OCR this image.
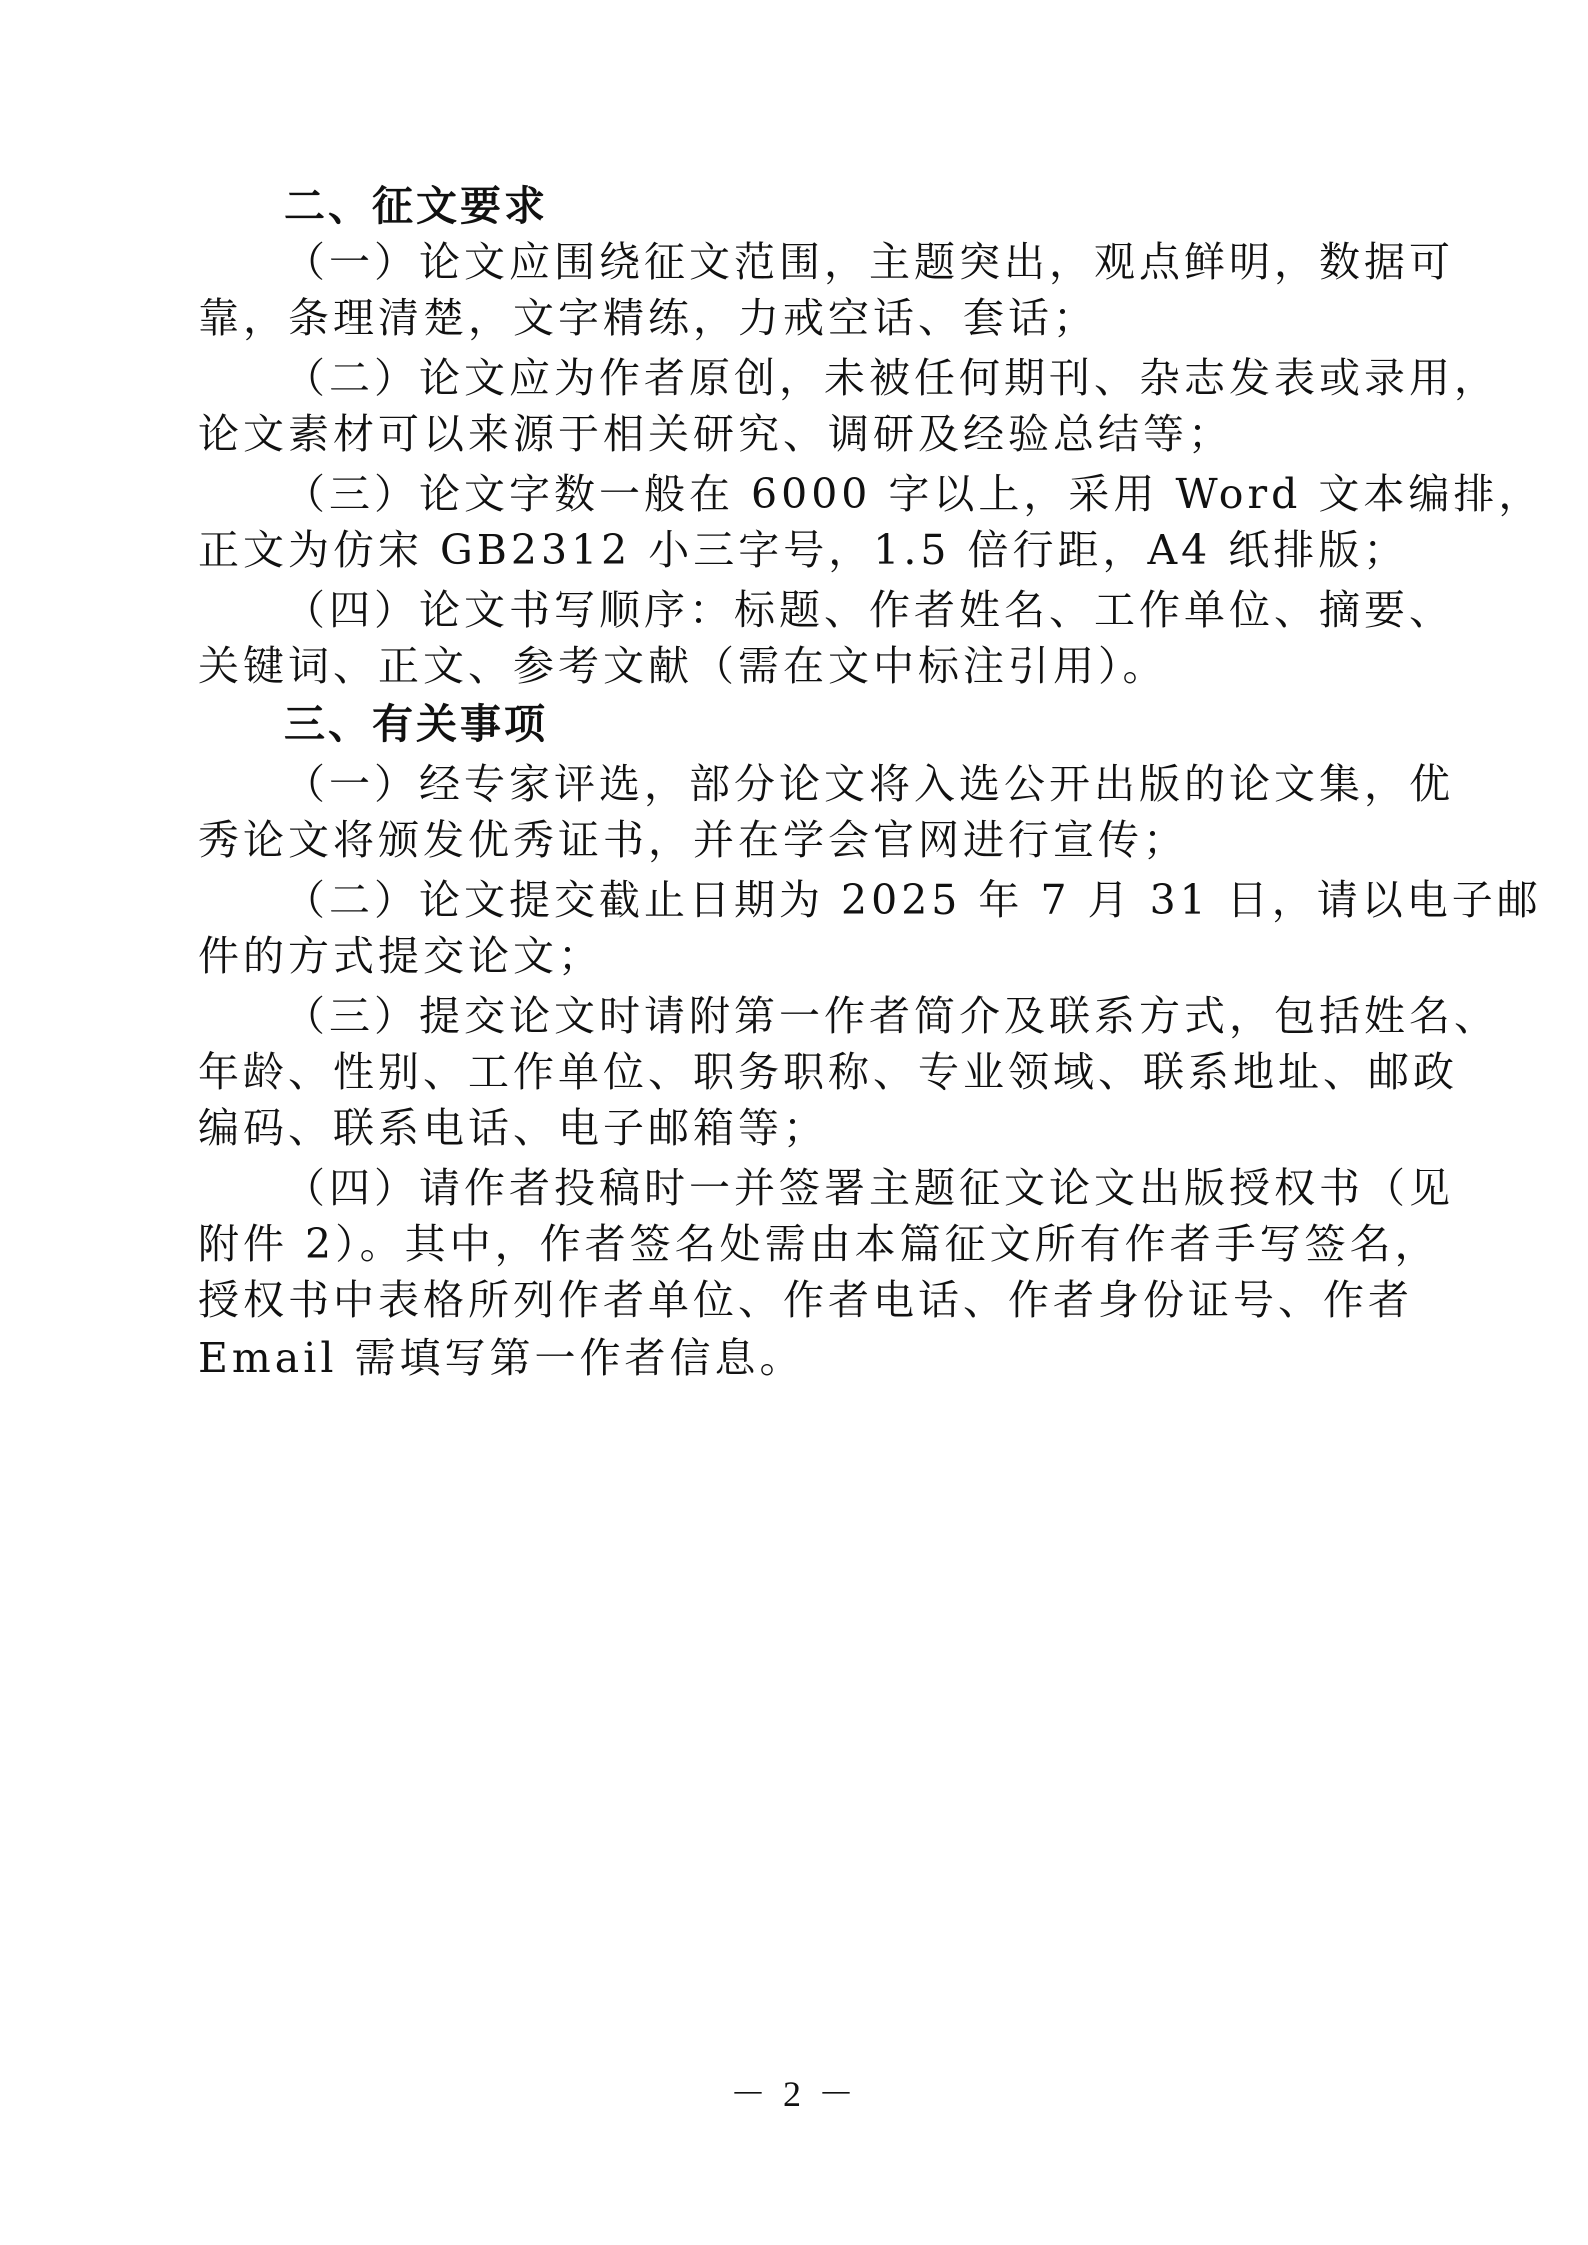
二、征文要求
（一）论文应围绕征文范围，主题突出，观点鲜明，数据可
靠，条理清楚，文字精练，力戒空话、套话；
（二）论文应为作者原创，未被任何期刊、杂志发表或录用，
论文素材可以来源于相关研究、调研及经验总结等；
（三）论文字数一般在 6000 字以上，采用 Word 文本编排，
正文为仿宋 GB2312 小三字号，1.5 倍行距，A4 纸排版；
（四）论文书写顺序：标题、作者姓名、工作单位、摘要、
关键词、正文、参考文献（需在文中标注引用）。
三、有关事项
（一）经专家评选，部分论文将入选公开出版的论文集，优
秀论文将颁发优秀证书，并在学会官网进行宣传；
（二）论文提交截止日期为 2025 年 7 月 31 日，请以电子邮
件的方式提交论文；
（三）提交论文时请附第一作者简介及联系方式，包括姓名、
年龄、性别、工作单位、职务职称、专业领域、联系地址、邮政
编码、联系电话、电子邮箱等；
（四）请作者投稿时一并签署主题征文论文出版授权书（见
附件 2）。其中，作者签名处需由本篇征文所有作者手写签名，
授权书中表格所列作者单位、作者电话、作者身份证号、作者
Email 需填写第一作者信息。
－ 2 －
